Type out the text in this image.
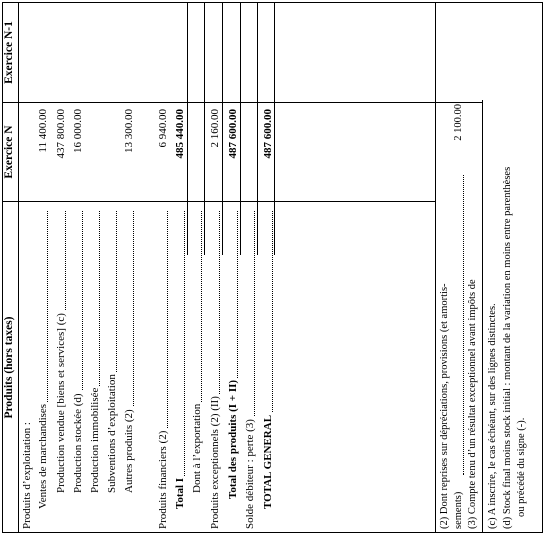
Produits (hors taxes)
Exercice N
Exercice N-1
(2) Dont reprises sur dépréciations, provisions (et amortis- sements)
2 100.00
(3) Compte tenu d’un résultat exceptionnel avant impôts de (c) A inscrire, le cas échéant, sur des lignes distinctes. (d) Stock final moins stock initial : montant de la variation en moins entre parenthèses ou précédé du signe (-).
Produits d’exploitation : Ventes de marchandises
11 400.00
Production vendue [biens et services] (c)
437 800.00
Production stockée (d)
16 000.00
Production immobilisée Subventions d’exploitation Autres produits (2)
13 300.00
Produits financiers (2)
6 940.00
Total I
485 440.00
Dont à l’exportation Produits exceptionnels (2) (II)
2 160.00
Total des produits (I + II)
487 600.00
Solde débiteur : perte (3) TOTAL GENERAL
487 600.00
